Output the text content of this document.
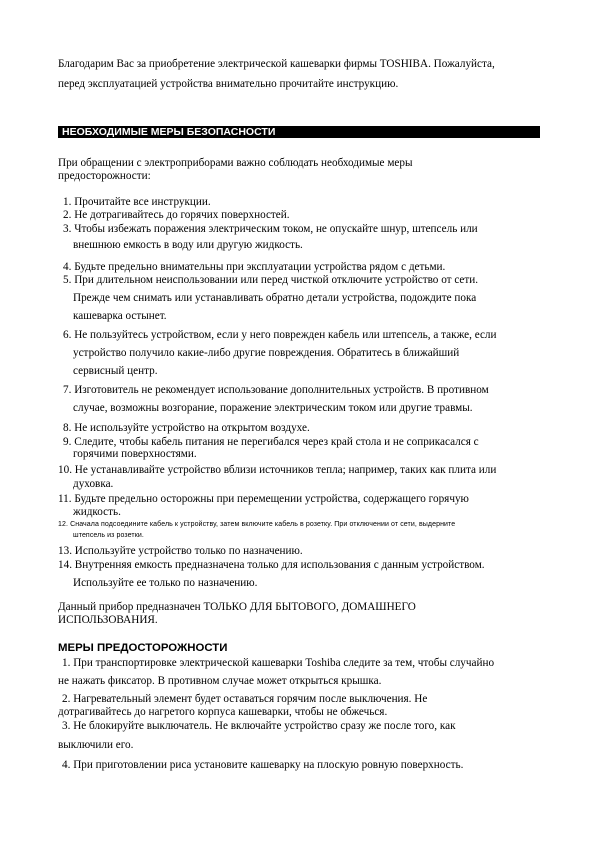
Благодарим Вас за приобретение электрической кашеварки фирмы TOSHIBA. Пожалуйста,

перед эксплуатацией устройства внимательно прочитайте инструкцию.

НЕОБХОДИМЫЕ МЕРЫ БЕЗОПАСНОСТИ

При обращении с электроприборами важно соблюдать необходимые меры

предосторожности:

1. Прочитайте все инструкции.

2. Не дотрагивайтесь до горячих поверхностей.

3. Чтобы избежать поражения электрическим током, не опускайте шнур, штепсель или

внешнюю емкость в воду или другую жидкость.

4. Будьте предельно внимательны при эксплуатации устройства рядом с детьми.

5. При длительном неиспользовании или перед чисткой отключите устройство от сети.

Прежде чем снимать или устанавливать обратно детали устройства, подождите пока

кашеварка остынет.

6. Не пользуйтесь устройством, если у него поврежден кабель или штепсель, а также, если

устройство получило какие-либо другие повреждения. Обратитесь в ближайший

сервисный центр.

7. Изготовитель не рекомендует использование дополнительных устройств. В противном

случае, возможны возгорание, поражение электрическим током или другие травмы.

8. Не используйте устройство на открытом воздухе.

9. Следите, чтобы кабель питания не перегибался через край стола и не соприкасался с

горячими поверхностями.

10. Не устанавливайте устройство вблизи источников тепла; например, таких как плита или

духовка.

11. Будьте предельно осторожны при перемещении устройства, содержащего горячую

жидкость.

12. Сначала подсоедините кабель к устройству, затем включите кабель в розетку. При отключении от сети, выдерните

штепсель из розетки.

13. Используйте устройство только по назначению.

14. Внутренняя емкость предназначена только для использования с данным устройством.

Используйте ее только по назначению.

Данный прибор предназначен ТОЛЬКО ДЛЯ БЫТОВОГО, ДОМАШНЕГО

ИСПОЛЬЗОВАНИЯ.

МЕРЫ ПРЕДОСТОРОЖНОСТИ

1. При транспортировке электрической кашеварки Toshiba следите за тем, чтобы случайно

не нажать фиксатор. В противном случае может открыться крышка.

2. Нагревательный элемент будет оставаться горячим после выключения. Не

дотрагивайтесь до нагретого корпуса кашеварки, чтобы не обжечься.

3. Не блокируйте выключатель. Не включайте устройство сразу же после того, как

выключили его.

4. При приготовлении риса установите кашеварку на плоскую ровную поверхность.
